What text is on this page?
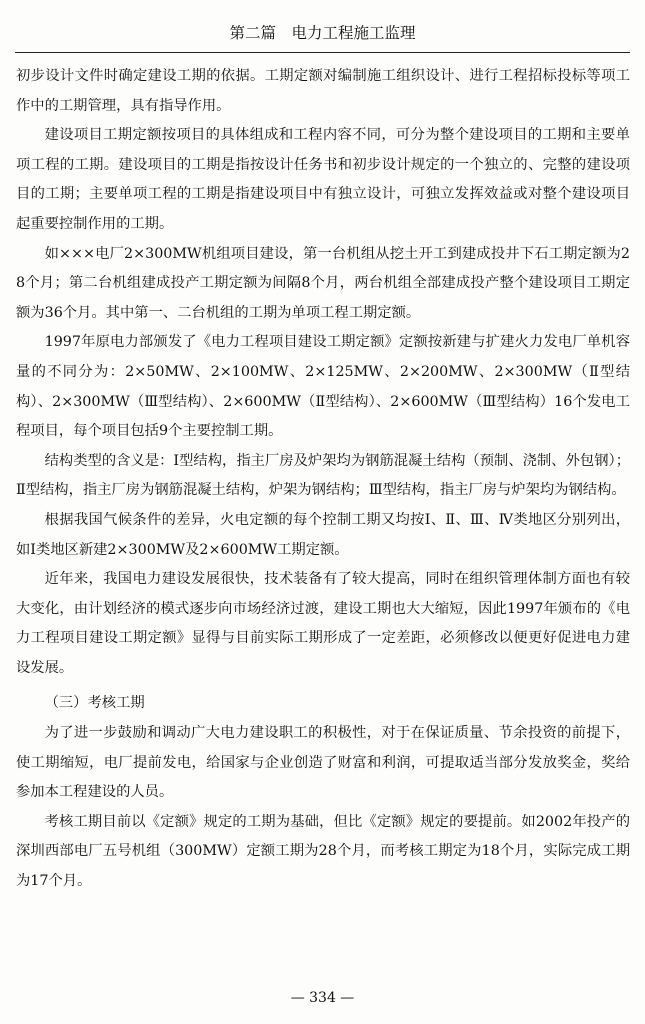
第二篇　电力工程施工监理

初步设计文件时确定建设工期的依据。工期定额对编制施工组织设计、进行工程招标投标等项工作中的工期管理，具有指导作用。

建设项目工期定额按项目的具体组成和工程内容不同，可分为整个建设项目的工期和主要单项工程的工期。建设项目的工期是指按设计任务书和初步设计规定的一个独立的、完整的建设项目的工期；主要单项工程的工期是指建设项目中有独立设计，可独立发挥效益或对整个建设项目起重要控制作用的工期。

如×××电厂2×300MW机组项目建设，第一台机组从挖土开工到建成投井下石工期定额为28个月；第二台机组建成投产工期定额为间隔8个月，两台机组全部建成投产整个建设项目工期定额为36个月。其中第一、二台机组的工期为单项工程工期定额。

1997年原电力部颁发了《电力工程项目建设工期定额》定额按新建与扩建火力发电厂单机容量的不同分为：2×50MW、2×100MW、2×125MW、2×200MW、2×300MW（Ⅱ型结构）、2×300MW（Ⅲ型结构）、2×600MW（Ⅱ型结构）、2×600MW（Ⅲ型结构）16个发电工程项目，每个项目包括9个主要控制工期。

结构类型的含义是：Ⅰ型结构，指主厂房及炉架均为钢筋混凝土结构（预制、浇制、外包钢）；Ⅱ型结构，指主厂房为钢筋混凝土结构，炉架为钢结构；Ⅲ型结构，指主厂房与炉架均为钢结构。

根据我国气候条件的差异，火电定额的每个控制工期又均按Ⅰ、Ⅱ、Ⅲ、Ⅳ类地区分别列出，如Ⅰ类地区新建2×300MW及2×600MW工期定额。

近年来，我国电力建设发展很快，技术装备有了较大提高，同时在组织管理体制方面也有较大变化，由计划经济的模式逐步向市场经济过渡，建设工期也大大缩短，因此1997年颁布的《电力工程项目建设工期定额》显得与目前实际工期形成了一定差距，必须修改以便更好促进电力建设发展。

（三）考核工期

为了进一步鼓励和调动广大电力建设职工的积极性，对于在保证质量、节余投资的前提下，使工期缩短，电厂提前发电，给国家与企业创造了财富和利润，可提取适当部分发放奖金，奖给参加本工程建设的人员。

考核工期目前以《定额》规定的工期为基础，但比《定额》规定的要提前。如2002年投产的深圳西部电厂五号机组（300MW）定额工期为28个月，而考核工期定为18个月，实际完成工期为17个月。

— 334 —
